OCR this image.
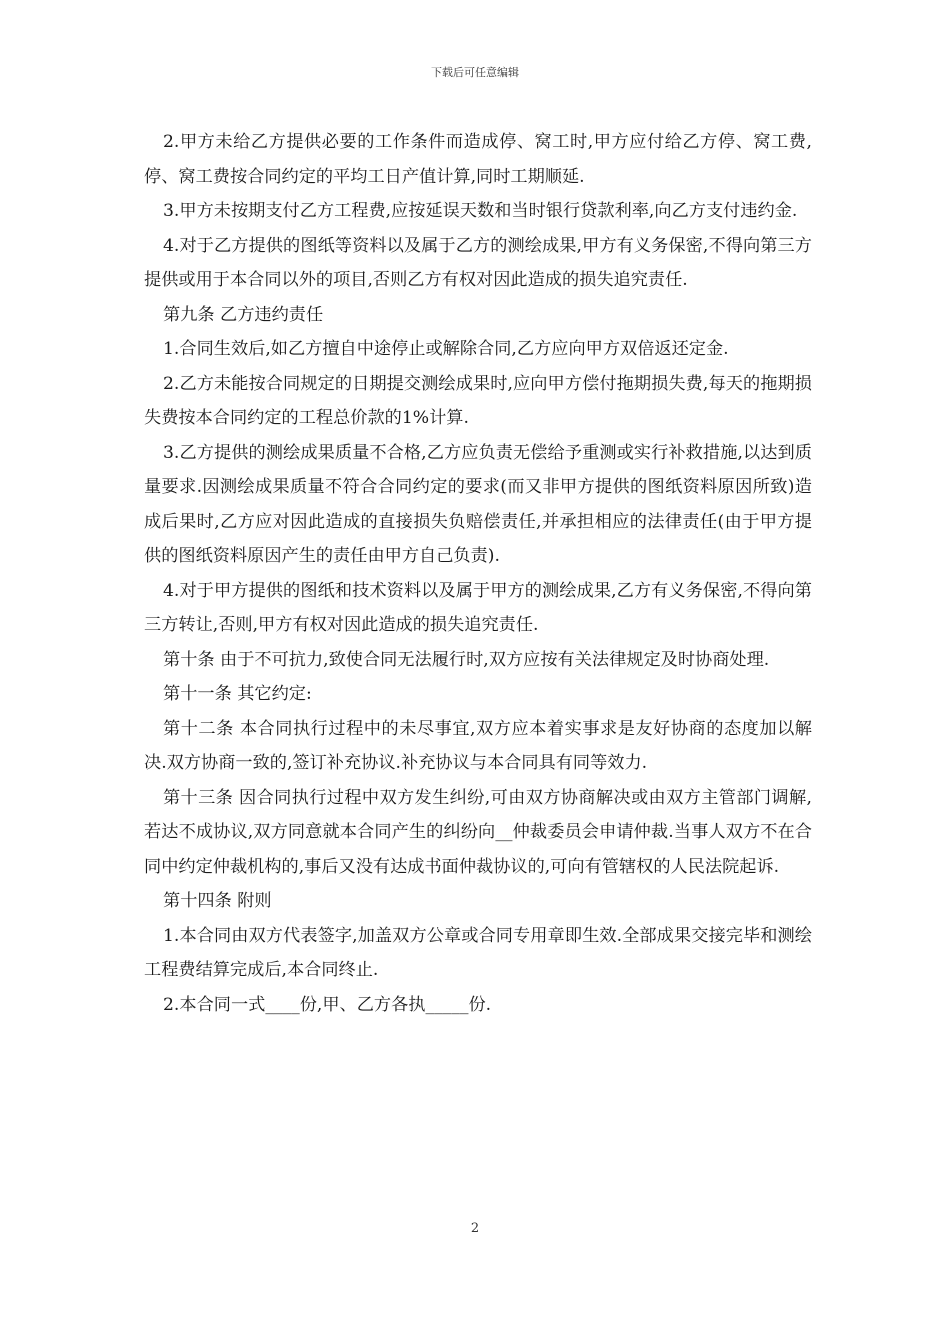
下载后可任意编辑

2.甲方未给乙方提供必要的工作条件而造成停、窝工时,甲方应付给乙方停、窝工费,停、窝工费按合同约定的平均工日产值计算,同时工期顺延.

3.甲方未按期支付乙方工程费,应按延误天数和当时银行贷款利率,向乙方支付违约金.

4.对于乙方提供的图纸等资料以及属于乙方的测绘成果,甲方有义务保密,不得向第三方提供或用于本合同以外的项目,否则乙方有权对因此造成的损失追究责任.

第九条 乙方违约责任

1.合同生效后,如乙方擅自中途停止或解除合同,乙方应向甲方双倍返还定金.

2.乙方未能按合同规定的日期提交测绘成果时,应向甲方偿付拖期损失费,每天的拖期损失费按本合同约定的工程总价款的1%计算.

3.乙方提供的测绘成果质量不合格,乙方应负责无偿给予重测或实行补救措施,以达到质量要求.因测绘成果质量不符合合同约定的要求(而又非甲方提供的图纸资料原因所致)造成后果时,乙方应对因此造成的直接损失负赔偿责任,并承担相应的法律责任(由于甲方提供的图纸资料原因产生的责任由甲方自己负责).

4.对于甲方提供的图纸和技术资料以及属于甲方的测绘成果,乙方有义务保密,不得向第三方转让,否则,甲方有权对因此造成的损失追究责任.

第十条 由于不可抗力,致使合同无法履行时,双方应按有关法律规定及时协商处理.

第十一条 其它约定:

第十二条 本合同执行过程中的未尽事宜,双方应本着实事求是友好协商的态度加以解决.双方协商一致的,签订补充协议.补充协议与本合同具有同等效力.

第十三条 因合同执行过程中双方发生纠纷,可由双方协商解决或由双方主管部门调解,若达不成协议,双方同意就本合同产生的纠纷向__仲裁委员会申请仲裁.当事人双方不在合同中约定仲裁机构的,事后又没有达成书面仲裁协议的,可向有管辖权的人民法院起诉.

第十四条 附则

1.本合同由双方代表签字,加盖双方公章或合同专用章即生效.全部成果交接完毕和测绘工程费结算完成后,本合同终止.

2.本合同一式____份,甲、乙方各执_____份.

2
